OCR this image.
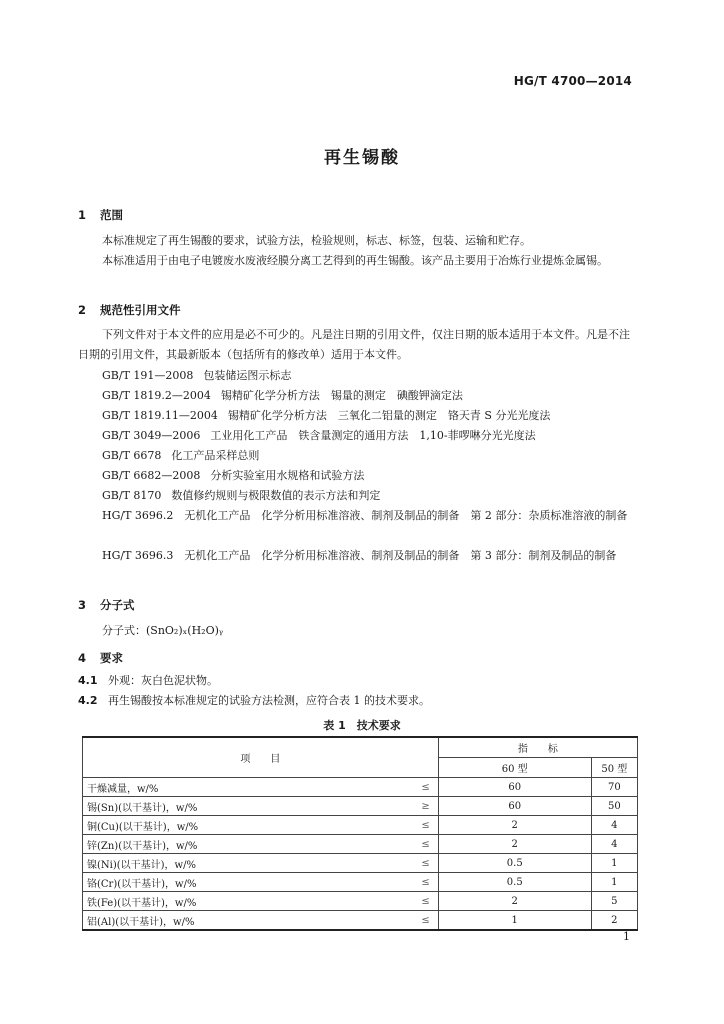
HG/T 4700—2014
再生锡酸
1 范围
本标准规定了再生锡酸的要求，试验方法，检验规则，标志、标签，包装、运输和贮存。
本标准适用于由电子电镀废水废液经膜分离工艺得到的再生锡酸。该产品主要用于冶炼行业提炼金属锡。
2 规范性引用文件
下列文件对于本文件的应用是必不可少的。凡是注日期的引用文件，仅注日期的版本适用于本文件。凡是不注日期的引用文件，其最新版本（包括所有的修改单）适用于本文件。
GB/T 191—2008 包装储运图示标志
GB/T 1819.2—2004 锡精矿化学分析方法　锡量的测定　碘酸钾滴定法
GB/T 1819.11—2004 锡精矿化学分析方法　三氧化二铝量的测定　铬天青 S 分光光度法
GB/T 3049—2006 工业用化工产品　铁含量测定的通用方法　1,10-菲啰啉分光光度法
GB/T 6678 化工产品采样总则
GB/T 6682—2008 分析实验室用水规格和试验方法
GB/T 8170 数值修约规则与极限数值的表示方法和判定
HG/T 3696.2　无机化工产品　化学分析用标准溶液、制剂及制品的制备　第 2 部分：杂质标准溶液的制备
HG/T 3696.3　无机化工产品　化学分析用标准溶液、制剂及制品的制备　第 3 部分：制剂及制品的制备
3 分子式
分子式：(SnO₂)ₓ(H₂O)ᵧ
4 要求
4.1 外观：灰白色泥状物。
4.2 再生锡酸按本标准规定的试验方法检测，应符合表 1 的技术要求。
表 1　技术要求
项　　目		指　　标	
		60 型	50 型
干燥减量，w/%	≤	60	70
锡(Sn)(以干基计)，w/%	≥	60	50
铜(Cu)(以干基计)，w/%	≤	2	4
锌(Zn)(以干基计)，w/%	≤	2	4
镍(Ni)(以干基计)，w/%	≤	0.5	1
铬(Cr)(以干基计)，w/%	≤	0.5	1
铁(Fe)(以干基计)，w/%	≤	2	5
铝(Al)(以干基计)，w/%	≤	1	2
1
